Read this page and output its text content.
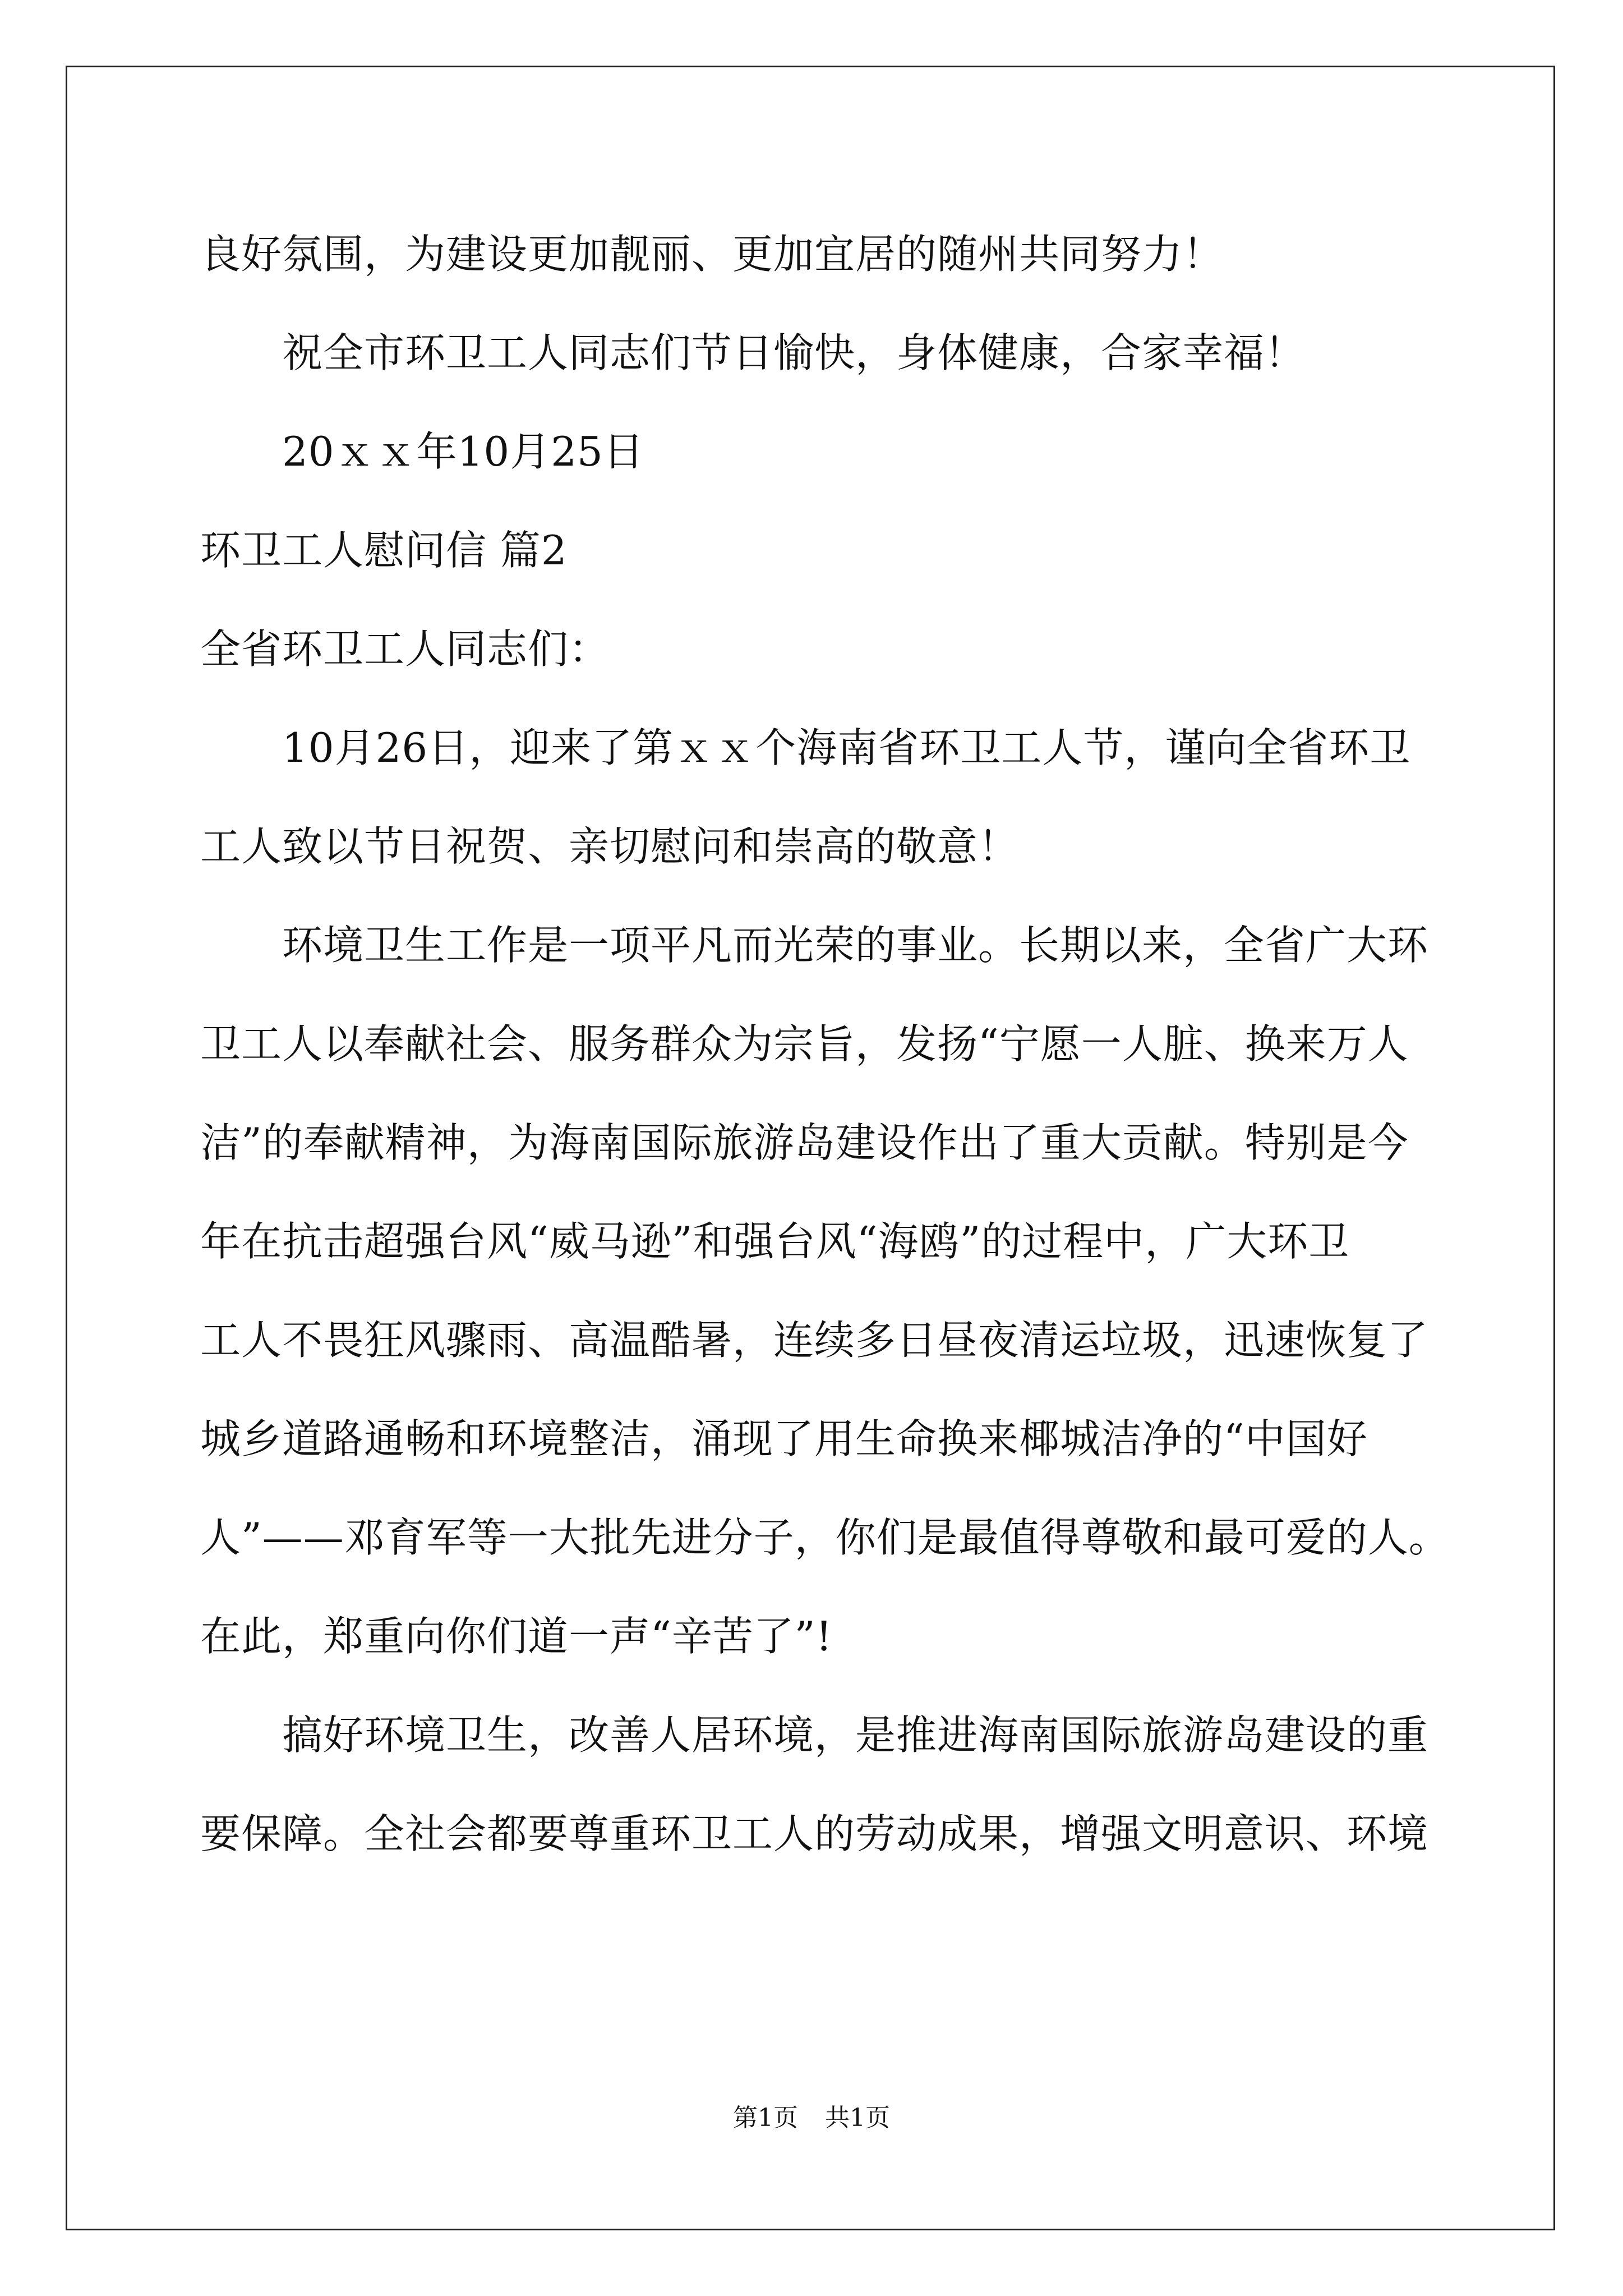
良好氛围，为建设更加靓丽、更加宜居的随州共同努力！
祝全市环卫工人同志们节日愉快，身体健康，合家幸福！
20ｘｘ年10月25日
环卫工人慰问信 篇2
全省环卫工人同志们：
10月26日，迎来了第ｘｘ个海南省环卫工人节，谨向全省环卫
工人致以节日祝贺、亲切慰问和崇高的敬意！
环境卫生工作是一项平凡而光荣的事业。长期以来，全省广大环
卫工人以奉献社会、服务群众为宗旨，发扬“宁愿一人脏、换来万人
洁”的奉献精神，为海南国际旅游岛建设作出了重大贡献。特别是今
年在抗击超强台风“威马逊”和强台风“海鸥”的过程中，广大环卫
工人不畏狂风骤雨、高温酷暑，连续多日昼夜清运垃圾，迅速恢复了
城乡道路通畅和环境整洁，涌现了用生命换来椰城洁净的“中国好
人”——邓育军等一大批先进分子，你们是最值得尊敬和最可爱的人。
在此，郑重向你们道一声“辛苦了”!
搞好环境卫生，改善人居环境，是推进海南国际旅游岛建设的重
要保障。全社会都要尊重环卫工人的劳动成果，增强文明意识、环境
第1页 共1页
